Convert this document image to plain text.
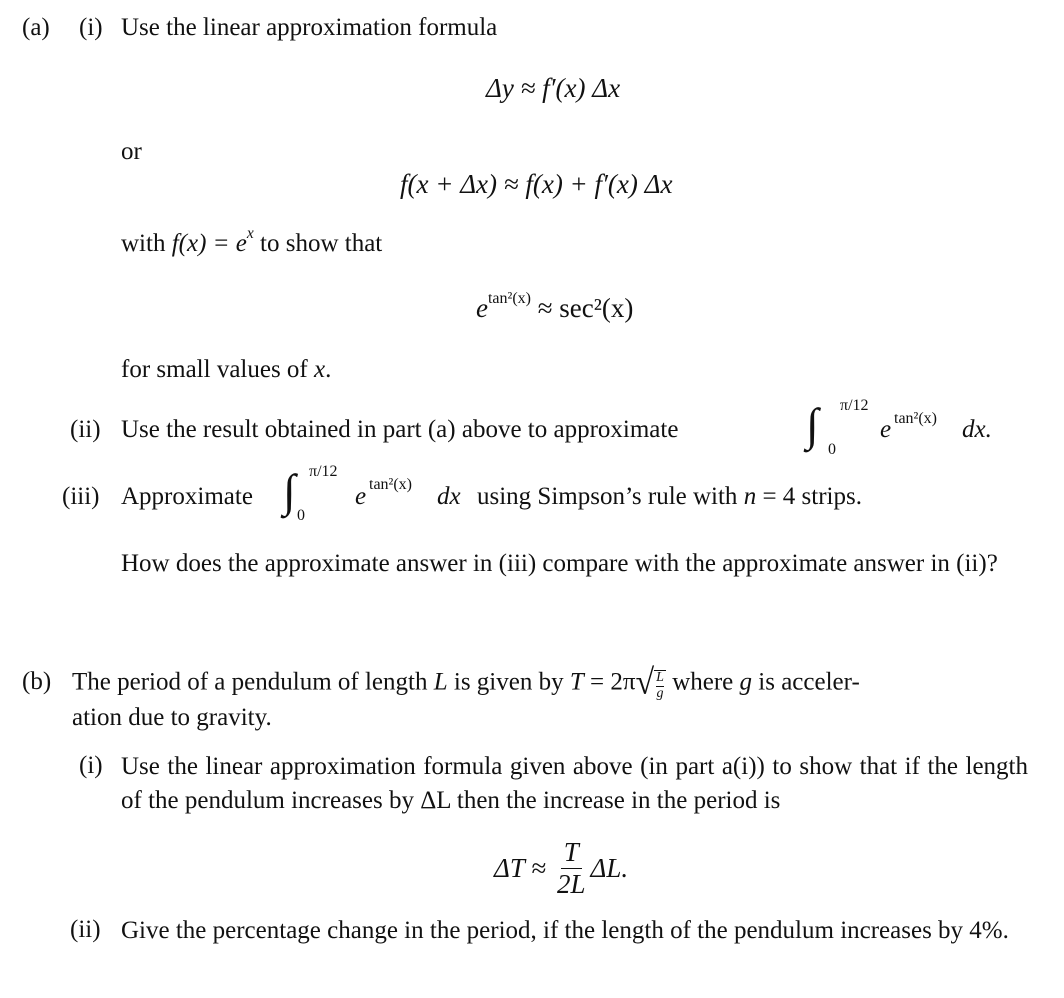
(a) (i) Use the linear approximation formula
Δy ≈ f′(x) Δx
or
f(x + Δx) ≈ f(x) + f′(x) Δx
with $f(x) = e^x$ to show that
$e^{tan^2(x)} \approx \sec^2(x)$
for small values of x.
(ii) Use the result obtained in part (a) above to approximate	∫ π/12
0
e tan²(x) dx.
(iii) Approximate ∫ π/12
0
e tan²(x) dx using Simpson’s rule with n = 4 strips.
How does the approximate answer in (iii) compare with the approximate answer in (ii)?
(b) The period of a pendulum of length L is given by T = 2π √ $\frac{L}{g}$ where g is acceler-
ation due to gravity.
(i) Use the linear approximation formula given above (in part a(i)) to show that if the length of the pendulum increases by ΔL then the increase in the period is
$\Delta T \approx \frac{T}{2L} \Delta L$.
(ii) Give the percentage change in the period, if the length of the pendulum increases by 4%.
